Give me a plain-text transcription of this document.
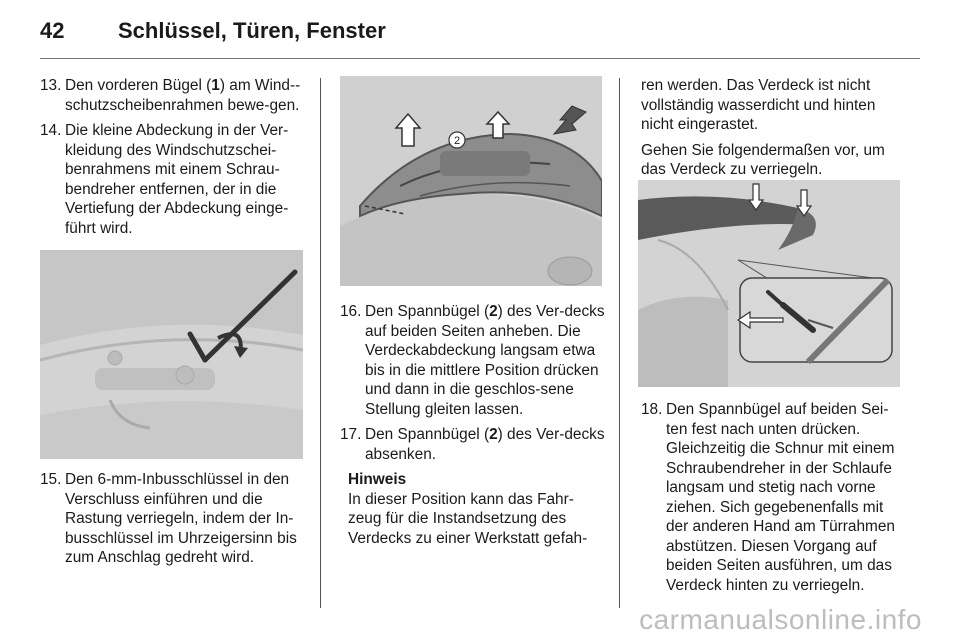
42 Schlüssel, Türen, Fenster
13. Den vorderen Bügel (1) am Wind-schutzscheibenrahmen bewe-gen.
14. Die kleine Abdeckung in der Ver-kleidung des Windschutzschei-benrahmens mit einem Schrau-bendreher entfernen, der in die Vertiefung der Abdeckung einge-führt wird.
15. Den 6-mm-Inbusschlüssel in den Verschluss einführen und die Rastung verriegeln, indem der In-busschlüssel im Uhrzeigersinn bis zum Anschlag gedreht wird.
2
16. Den Spannbügel (2) des Ver-decks auf beiden Seiten anheben. Die Verdeckabdeckung langsam etwa bis in die mittlere Position drücken und dann in die geschlos-sene Stellung gleiten lassen.
17. Den Spannbügel (2) des Ver-decks absenken.
Hinweis
In dieser Position kann das Fahr-zeug für die Instandsetzung des Verdecks zu einer Werkstatt gefah-
ren werden. Das Verdeck ist nicht vollständig wasserdicht und hinten nicht eingerastet.
Gehen Sie folgendermaßen vor, um das Verdeck zu verriegeln.
18. Den Spannbügel auf beiden Sei-ten fest nach unten drücken. Gleichzeitig die Schnur mit einem Schraubendreher in der Schlaufe langsam und stetig nach vorne ziehen. Sich gegebenenfalls mit der anderen Hand am Türrahmen abstützen. Diesen Vorgang auf beiden Seiten ausführen, um das Verdeck hinten zu verriegeln.
carmanualsonline.info
